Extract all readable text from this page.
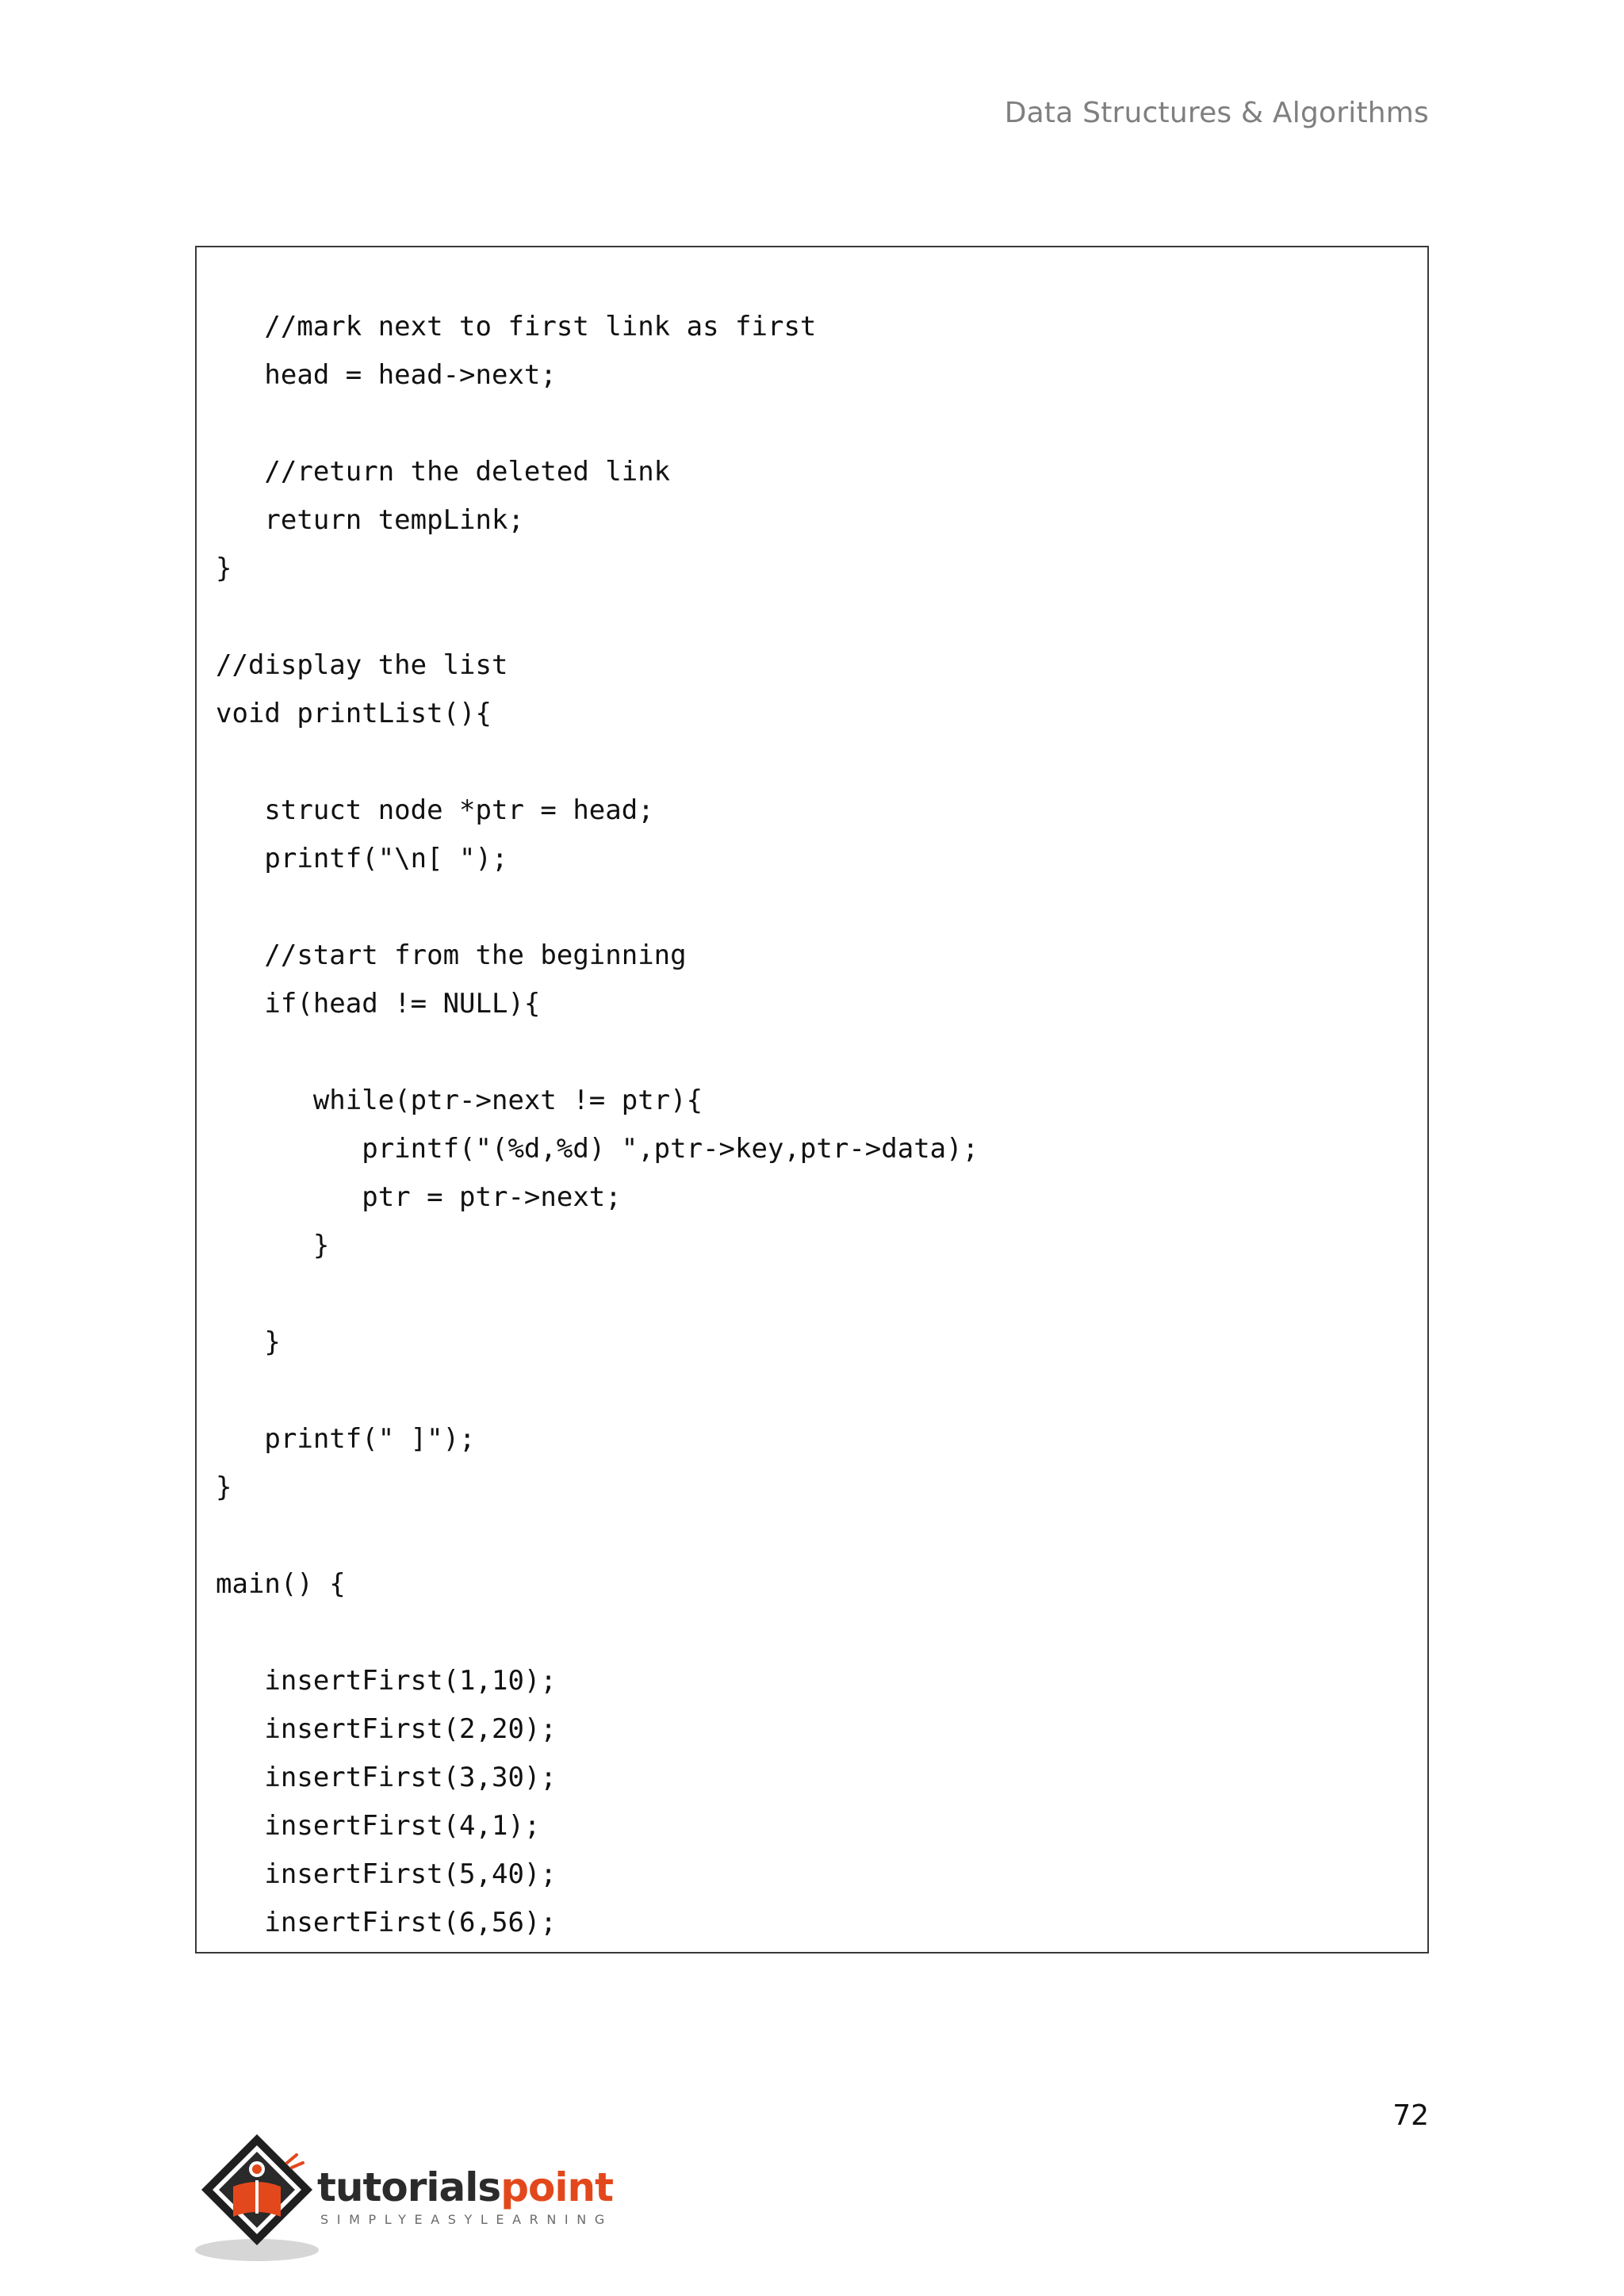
Data Structures & Algorithms
//mark next to first link as first
head = head->next;
//return the deleted link
return tempLink;
}
//display the list
void printList(){
struct node *ptr = head;
printf("\n[ ");
//start from the beginning
if(head != NULL){
while(ptr->next != ptr){
printf("(%d,%d) ",ptr->key,ptr->data);
ptr = ptr->next;
}
}
printf(" ]");
}
main() {
insertFirst(1,10);
insertFirst(2,20);
insertFirst(3,30);
insertFirst(4,1);
insertFirst(5,40);
insertFirst(6,56);
72
tutorialspoint
SIMPLYEASYLEARNING
